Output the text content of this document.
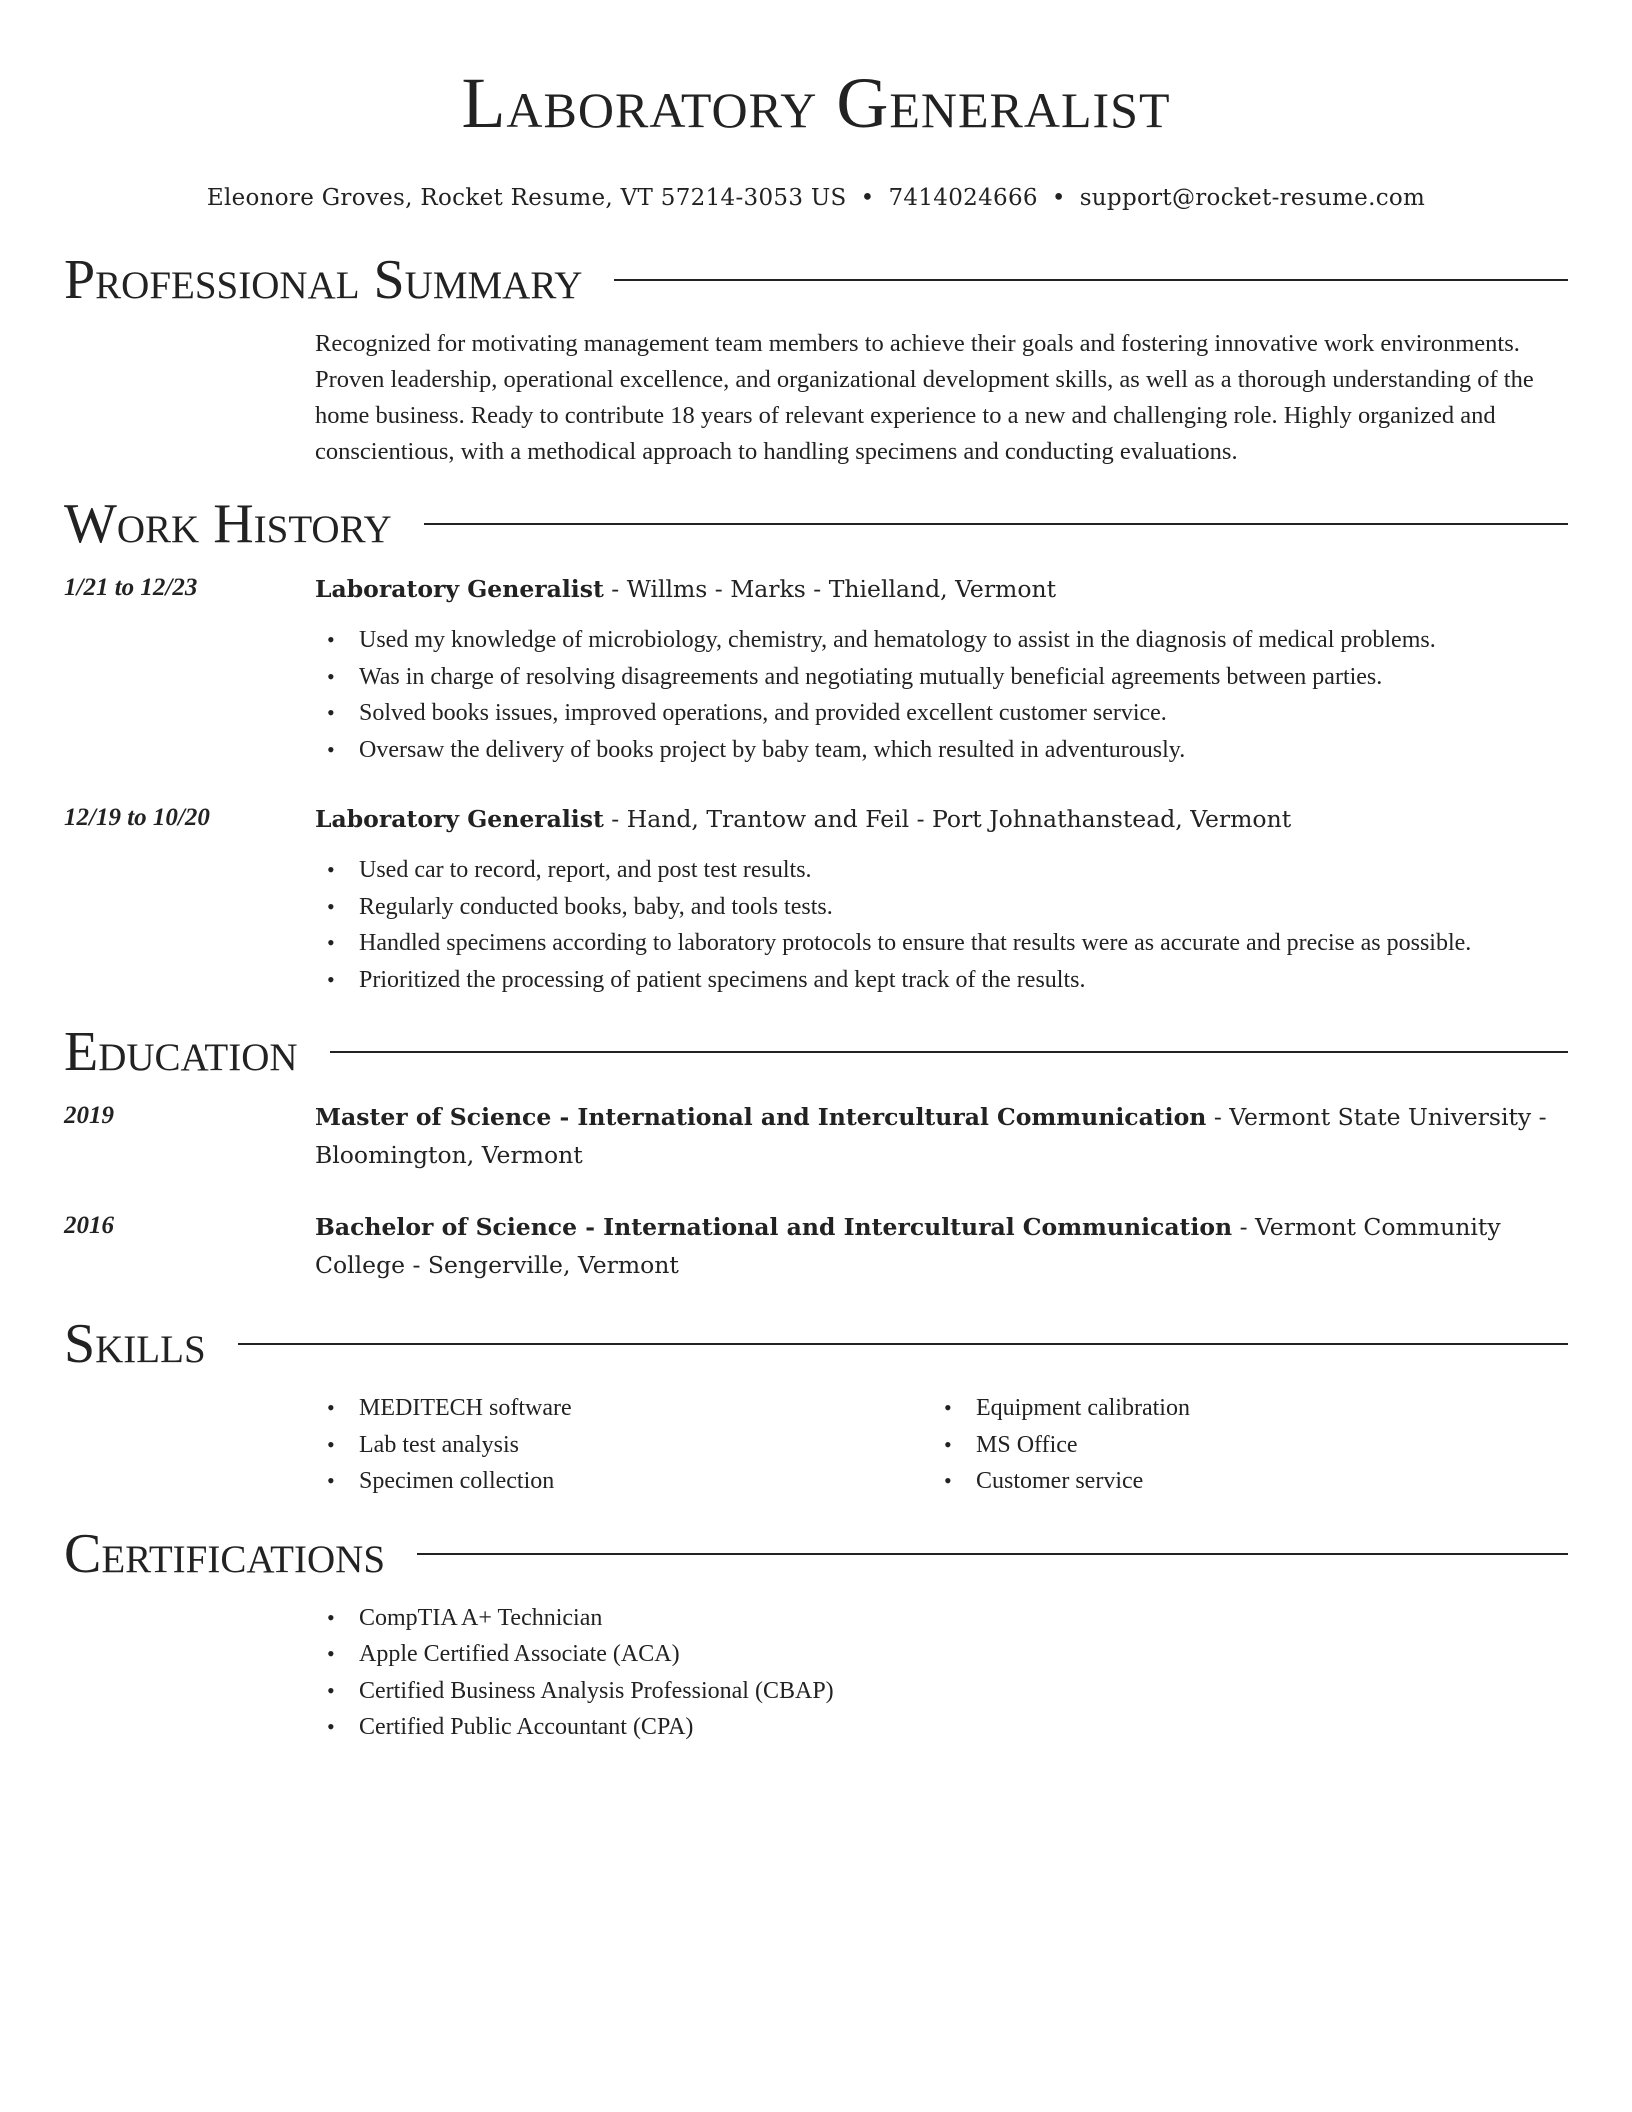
Laboratory Generalist
Eleonore Groves, Rocket Resume, VT 57214-3053 US • 7414024666 • support@rocket-resume.com
Professional Summary

Recognized for motivating management team members to achieve their goals and fostering innovative work environments. Proven leadership, operational excellence, and organizational development skills, as well as a thorough understanding of the home business. Ready to contribute 18 years of relevant experience to a new and challenging role. Highly organized and conscientious, with a methodical approach to handling specimens and conducting evaluations.

Work History
1/21 to 12/23	Laboratory Generalist - Willms - Marks - Thielland, Vermont
• Used my knowledge of microbiology, chemistry, and hematology to assist in the diagnosis of medical problems.
• Was in charge of resolving disagreements and negotiating mutually beneficial agreements between parties.
• Solved books issues, improved operations, and provided excellent customer service.
• Oversaw the delivery of books project by baby team, which resulted in adventurously.
12/19 to 10/20	Laboratory Generalist - Hand, Trantow and Feil - Port Johnathanstead, Vermont
• Used car to record, report, and post test results.
• Regularly conducted books, baby, and tools tests.
• Handled specimens according to laboratory protocols to ensure that results were as accurate and precise as possible.
• Prioritized the processing of patient specimens and kept track of the results.
Education
2019	Master of Science - International and Intercultural Communication - Vermont State University - Bloomington, Vermont
2016	Bachelor of Science - International and Intercultural Communication - Vermont Community College - Sengerville, Vermont
Skills
• MEDITECH software
• Lab test analysis
• Specimen collection
• Equipment calibration
• MS Office
• Customer service
Certifications
• CompTIA A+ Technician
• Apple Certified Associate (ACA)
• Certified Business Analysis Professional (CBAP)
• Certified Public Accountant (CPA)
